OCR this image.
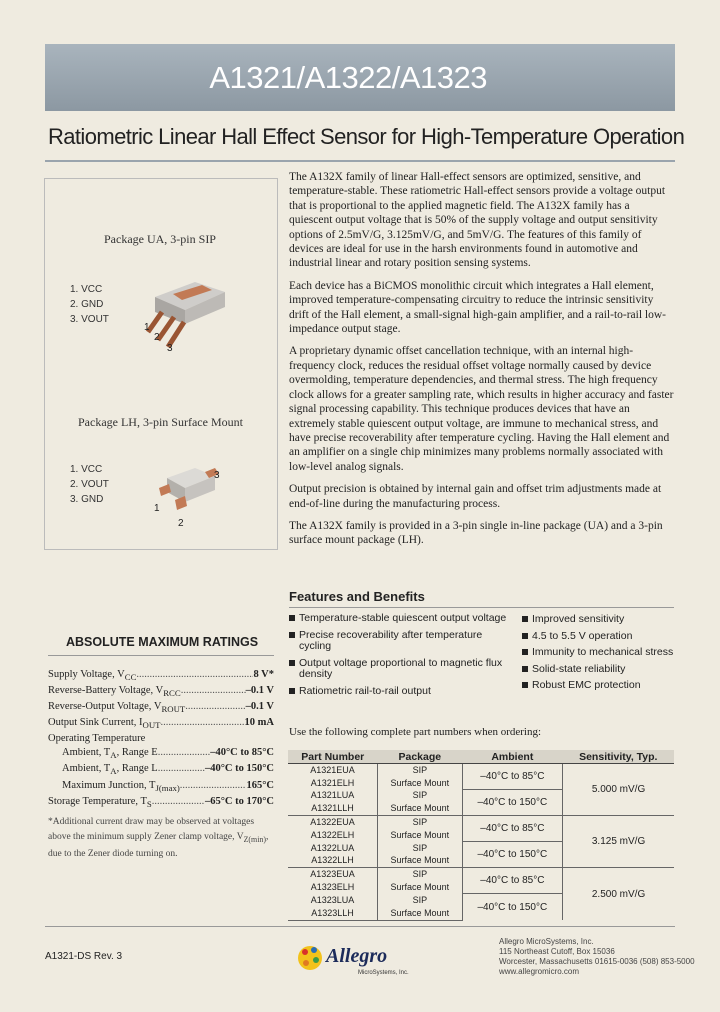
A1321/A1322/A1323
Ratiometric Linear Hall Effect Sensor for High-Temperature Operation
Package UA, 3-pin SIP
1. VCC
2. GND
3. VOUT
2
3
1
Package LH, 3-pin Surface Mount
1. VCC
2. VOUT
3. GND
3
1
2
ABSOLUTE MAXIMUM RATINGS
Supply Voltage, $V_{CC}$ .....	8 V*
Reverse-Battery Voltage, $V_{RCC}$ .....	–0.1 V
Reverse-Output Voltage, $V_{ROUT}$ .....	–0.1 V
Output Sink Current, $I_{OUT}$ .....	10 mA
Operating Temperature
Ambient, $T_A$, Range E .....	–40°C to 85°C
Ambient, $T_A$, Range L .....	–40°C to 150°C
Maximum Junction, $T_{J(max)}$ .....	165°C
Storage Temperature, $T_S$ .....	–65°C to 170°C
*Additional current draw may be observed at voltages above the minimum supply Zener clamp voltage, $V_{Z(min)}$, due to the Zener diode turning on.

The A132X family of linear Hall-effect sensors are optimized, sensitive, and temperature-stable. These ratiometric Hall-effect sensors provide a voltage output that is proportional to the applied magnetic field. The A132X family has a quiescent output voltage that is 50% of the supply voltage and output sensitivity options of 2.5mV/G, 3.125mV/G, and 5mV/G. The features of this family of devices are ideal for use in the harsh environments found in automotive and industrial linear and rotary position sensing systems.

Each device has a BiCMOS monolithic circuit which integrates a Hall element, improved temperature-compensating circuitry to reduce the intrinsic sensitivity drift of the Hall element, a small-signal high-gain amplifier, and a rail-to-rail low-impedance output stage.

A proprietary dynamic offset cancellation technique, with an internal high-frequency clock, reduces the residual offset voltage normally caused by device overmolding, temperature dependencies, and thermal stress. The high frequency clock allows for a greater sampling rate, which results in higher accuracy and faster signal processing capability. This technique produces devices that have an extremely stable quiescent output voltage, are immune to mechanical stress, and have precise recoverability after temperature cycling. Having the Hall element and an amplifier on a single chip minimizes many problems normally associated with low-level analog signals.

Output precision is obtained by internal gain and offset trim adjustments made at end-of-line during the manufacturing process.

The A132X family is provided in a 3-pin single in-line package (UA) and a 3-pin surface mount package (LH).

Features and Benefits
Temperature-stable quiescent output voltage
Precise recoverability after temperature cycling
Output voltage proportional to magnetic flux density
Ratiometric rail-to-rail output
Improved sensitivity
4.5 to 5.5 V operation
Immunity to mechanical stress
Solid-state reliability
Robust EMC protection
Use the following complete part numbers when ordering:
Part Number	Package	Ambient	Sensitivity, Typ.
A1321EUA	SIP	–40°C to 85°C	5.000 mV/G
A1321ELH	Surface Mount		
A1321LUA	SIP	–40°C to 150°C	
A1321LLH	Surface Mount		
A1322EUA	SIP	–40°C to 85°C	3.125 mV/G
A1322ELH	Surface Mount		
A1322LUA	SIP	–40°C to 150°C	
A1322LLH	Surface Mount		
A1323EUA	SIP	–40°C to 85°C	2.500 mV/G
A1323ELH	Surface Mount		
A1323LUA	SIP	–40°C to 150°C	
A1323LLH	Surface Mount		
A1321-DS Rev. 3	Allegro
MicroSystems, Inc.
Allegro MicroSystems, Inc.
115 Northeast Cutoff, Box 15036
Worcester, Massachusetts 01615-0036 (508) 853-5000
www.allegromicro.com
